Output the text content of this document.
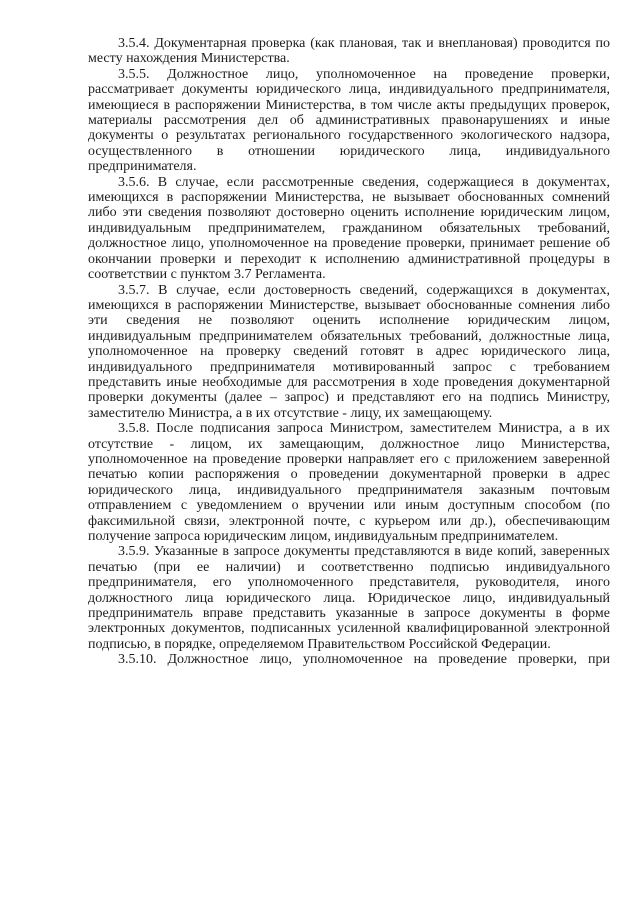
3.5.4. Документарная проверка (как плановая, так и внеплановая) проводится по месту нахождения Министерства.

3.5.5. Должностное лицо, уполномоченное на проведение проверки, рассматривает документы юридического лица, индивидуального предпринимателя, имеющиеся в распоряжении Министерства, в том числе акты предыдущих проверок, материалы рассмотрения дел об административных правонарушениях и иные документы о результатах регионального государственного экологического надзора, осуществленного в отношении юридического лица, индивидуального предпринимателя.

3.5.6. В случае, если рассмотренные сведения, содержащиеся в документах, имеющихся в распоряжении Министерства, не вызывает обоснованных сомнений либо эти сведения позволяют достоверно оценить исполнение юридическим лицом, индивидуальным предпринимателем, гражданином обязательных требований, должностное лицо, уполномоченное на проведение проверки, принимает решение об окончании проверки и переходит к исполнению административной процедуры в соответствии с пунктом 3.7 Регламента.

3.5.7. В случае, если достоверность сведений, содержащихся в документах, имеющихся в распоряжении Министерстве, вызывает обоснованные сомнения либо эти сведения не позволяют оценить исполнение юридическим лицом, индивидуальным предпринимателем обязательных требований, должностные лица, уполномоченное на проверку сведений готовят в адрес юридического лица, индивидуального предпринимателя мотивированный запрос с требованием представить иные необходимые для рассмотрения в ходе проведения документарной проверки документы (далее – запрос) и представляют его на подпись Министру, заместителю Министра, а в их отсутствие - лицу, их замещающему.

3.5.8. После подписания запроса Министром, заместителем Министра, а в их отсутствие - лицом, их замещающим, должностное лицо Министерства, уполномоченное на проведение проверки направляет его с приложением заверенной печатью копии распоряжения о проведении документарной проверки в адрес юридического лица, индивидуального предпринимателя заказным почтовым отправлением с уведомлением о вручении или иным доступным способом (по факсимильной связи, электронной почте, с курьером или др.), обеспечивающим получение запроса юридическим лицом, индивидуальным предпринимателем.

3.5.9. Указанные в запросе документы представляются в виде копий, заверенных печатью (при ее наличии) и соответственно подписью индивидуального предпринимателя, его уполномоченного представителя, руководителя, иного должностного лица юридического лица. Юридическое лицо, индивидуальный предприниматель вправе представить указанные в запросе документы в форме электронных документов, подписанных усиленной квалифицированной электронной подписью, в порядке, определяемом Правительством Российской Федерации.

3.5.10. Должностное лицо, уполномоченное на проведение проверки, при
